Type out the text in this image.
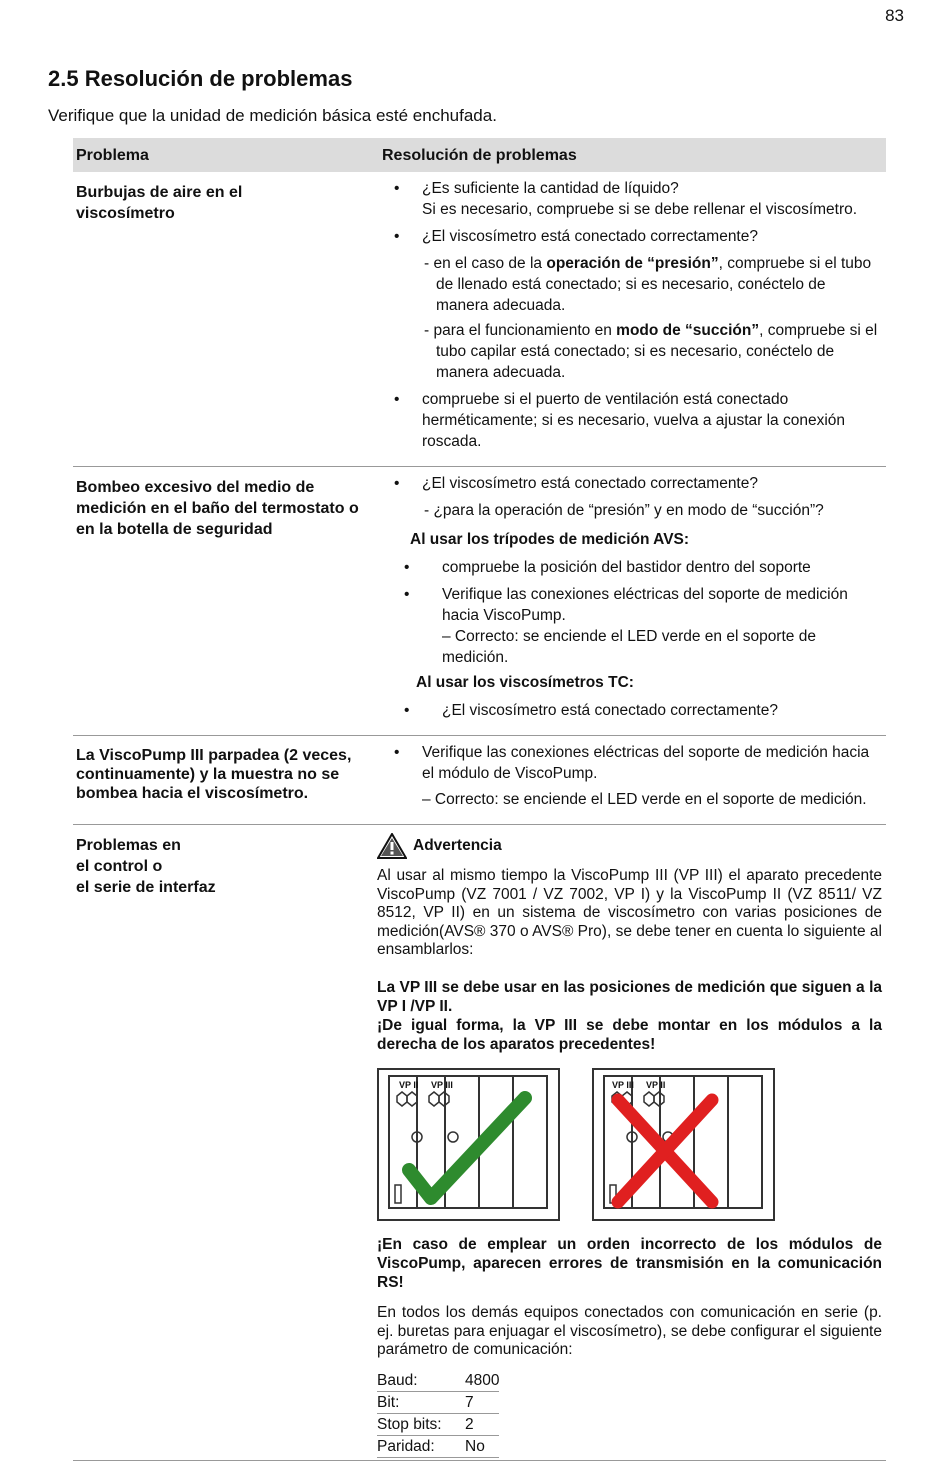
83
2.5 Resolución de problemas

Verifique que la unidad de medición básica esté enchufada.

Problema	Resolución de problemas
Burbujas de aire en el viscosímetro	
•	¿Es suficiente la cantidad de líquido?
Si es necesario, compruebe si se debe rellenar el viscosímetro.
•	¿El viscosímetro está conectado correctamente?
- en el caso de la operación de “presión”, compruebe si el tubo de llenado está conectado; si es necesario, conéctelo de manera adecuada.
- para el funcionamiento en modo de “succión”, compruebe si el tubo capilar está conectado; si es necesario, conéctelo de manera adecuada.
•	compruebe si el puerto de ventilación está conectado herméticamente; si es necesario, vuelva a ajustar la conexión roscada.

Bombeo excesivo del medio de medición en el baño del termostato o en la botella de seguridad	
•	¿El viscosímetro está conectado correctamente?
- ¿para la operación de “presión” y en modo de “succión”?
Al usar los trípodes de medición AVS:
•	compruebe la posición del bastidor dentro del soporte
•	Verifique las conexiones eléctricas del soporte de medición hacia ViscoPump.
– Correcto: se enciende el LED verde en el soporte de medición.
Al usar los viscosímetros TC:
•	¿El viscosímetro está conectado correctamente?

La ViscoPump III parpadea (2 veces, continuamente) y la muestra no se bombea hacia el viscosímetro.	
•	Verifique las conexiones eléctricas del soporte de medición hacia el módulo de ViscoPump.
– Correcto: se enciende el LED verde en el soporte de medición.

Problemas en
el control o
el serie de interfaz	
Advertencia

Al usar al mismo tiempo la ViscoPump III (VP III) el aparato precedente ViscoPump (VZ 7001 / VZ 7002, VP I) y la ViscoPump II (VZ 8511/ VZ 8512, VP II) en un sistema de viscosímetro con varias posiciones de medición(AVS® 370 o AVS® Pro), se debe tener en cuenta lo siguiente al ensamblarlos:

La VP III se debe usar en las posiciones de medición que siguen a la VP I /VP II.

¡De igual forma, la VP III se debe montar en los módulos a la derecha de los aparatos precedentes!

VP II VP III	VP III VP II

¡En caso de emplear un orden incorrecto de los módulos de ViscoPump, aparecen errores de transmisión en la comunicación RS!

En todos los demás equipos conectados con comunicación en serie (p. ej. buretas para enjuagar el viscosímetro), se debe configurar el siguiente parámetro de comunicación:

Baud:	4800
Bit:	7
Stop bits:	2
Paridad:	No
